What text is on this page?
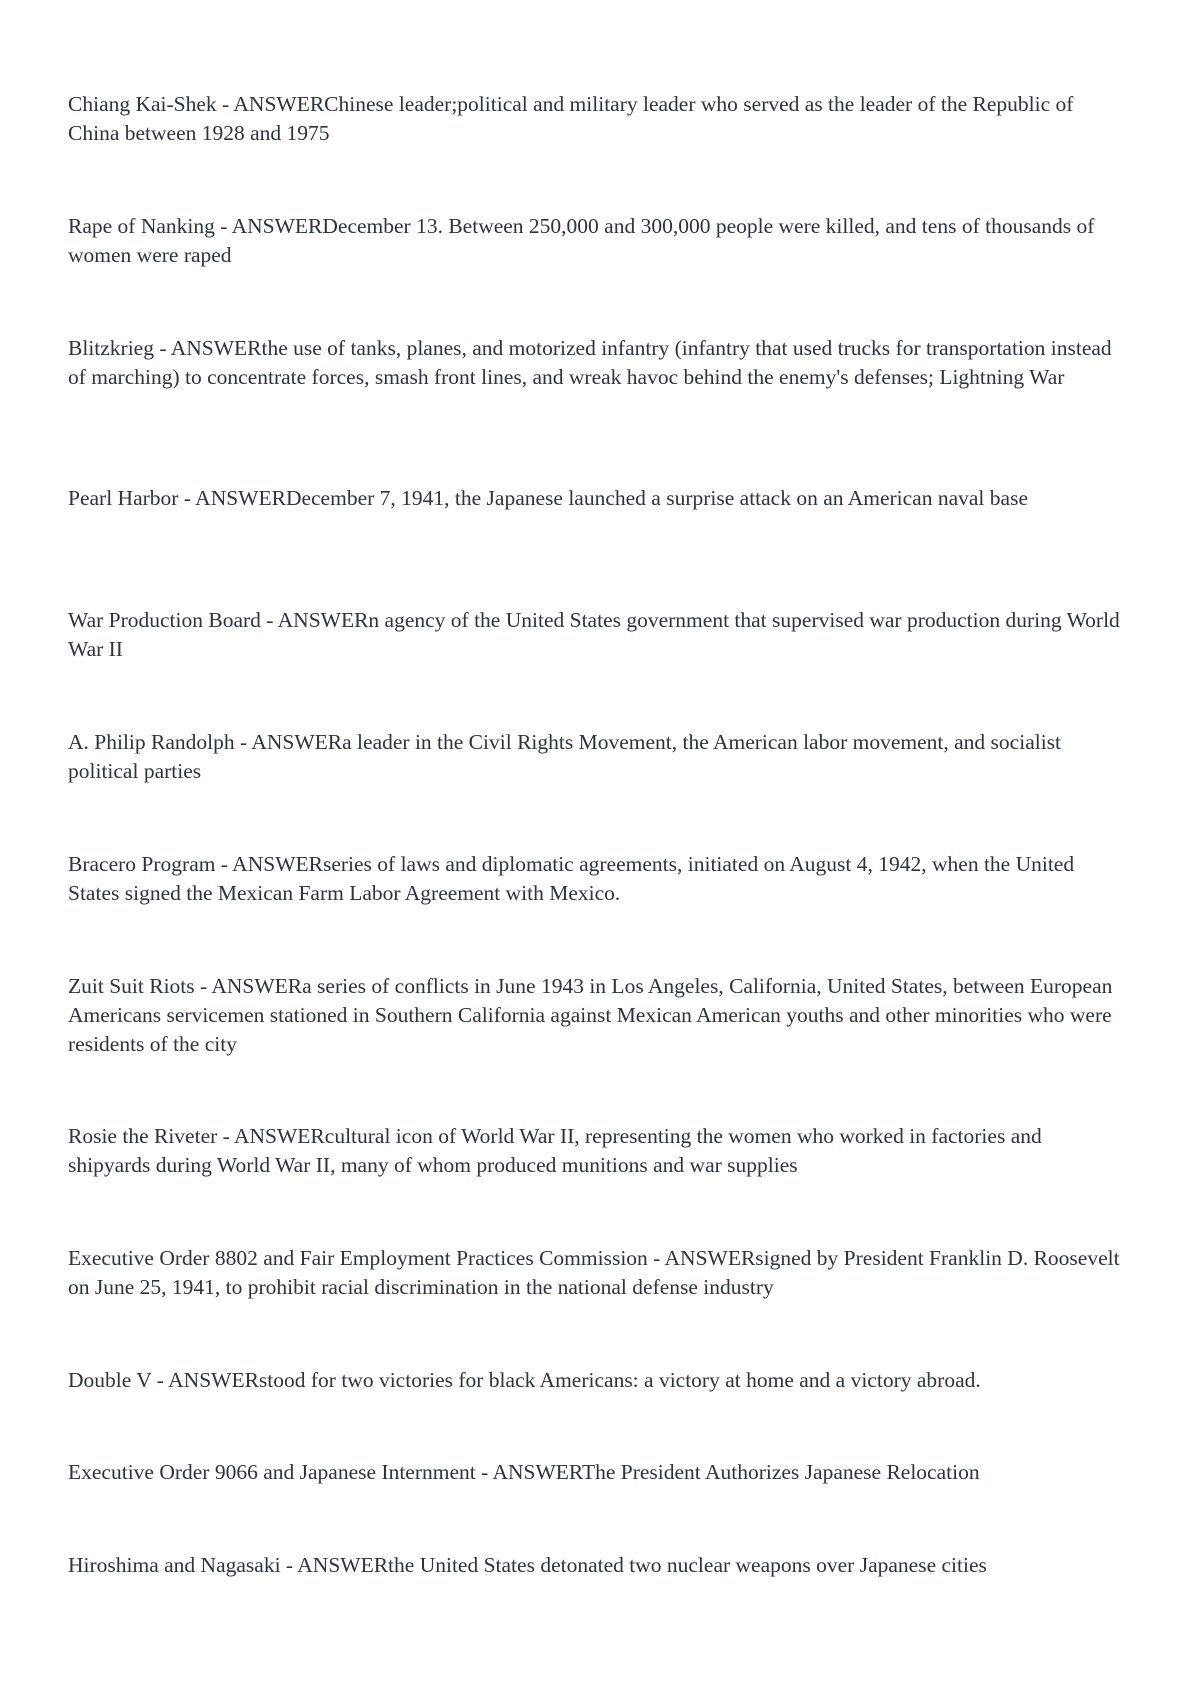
Chiang Kai-Shek - ANSWERChinese leader;political and military leader who served as the leader of the Republic of China between 1928 and 1975

Rape of Nanking - ANSWERDecember 13. Between 250,000 and 300,000 people were killed, and tens of thousands of women were raped

Blitzkrieg - ANSWERthe use of tanks, planes, and motorized infantry (infantry that used trucks for transportation instead of marching) to concentrate forces, smash front lines, and wreak havoc behind the enemy's defenses; Lightning War

Pearl Harbor - ANSWERDecember 7, 1941, the Japanese launched a surprise attack on an American naval base

War Production Board - ANSWERn agency of the United States government that supervised war production during World War II

A. Philip Randolph - ANSWERa leader in the Civil Rights Movement, the American labor movement, and socialist political parties

Bracero Program - ANSWERseries of laws and diplomatic agreements, initiated on August 4, 1942, when the United States signed the Mexican Farm Labor Agreement with Mexico.

Zuit Suit Riots - ANSWERa series of conflicts in June 1943 in Los Angeles, California, United States, between European Americans servicemen stationed in Southern California against Mexican American youths and other minorities who were residents of the city

Rosie the Riveter - ANSWERcultural icon of World War II, representing the women who worked in factories and shipyards during World War II, many of whom produced munitions and war supplies

Executive Order 8802 and Fair Employment Practices Commission - ANSWERsigned by President Franklin D. Roosevelt on June 25, 1941, to prohibit racial discrimination in the national defense industry

Double V - ANSWERstood for two victories for black Americans: a victory at home and a victory abroad.

Executive Order 9066 and Japanese Internment - ANSWERThe President Authorizes Japanese Relocation

Hiroshima and Nagasaki - ANSWERthe United States detonated two nuclear weapons over Japanese cities
